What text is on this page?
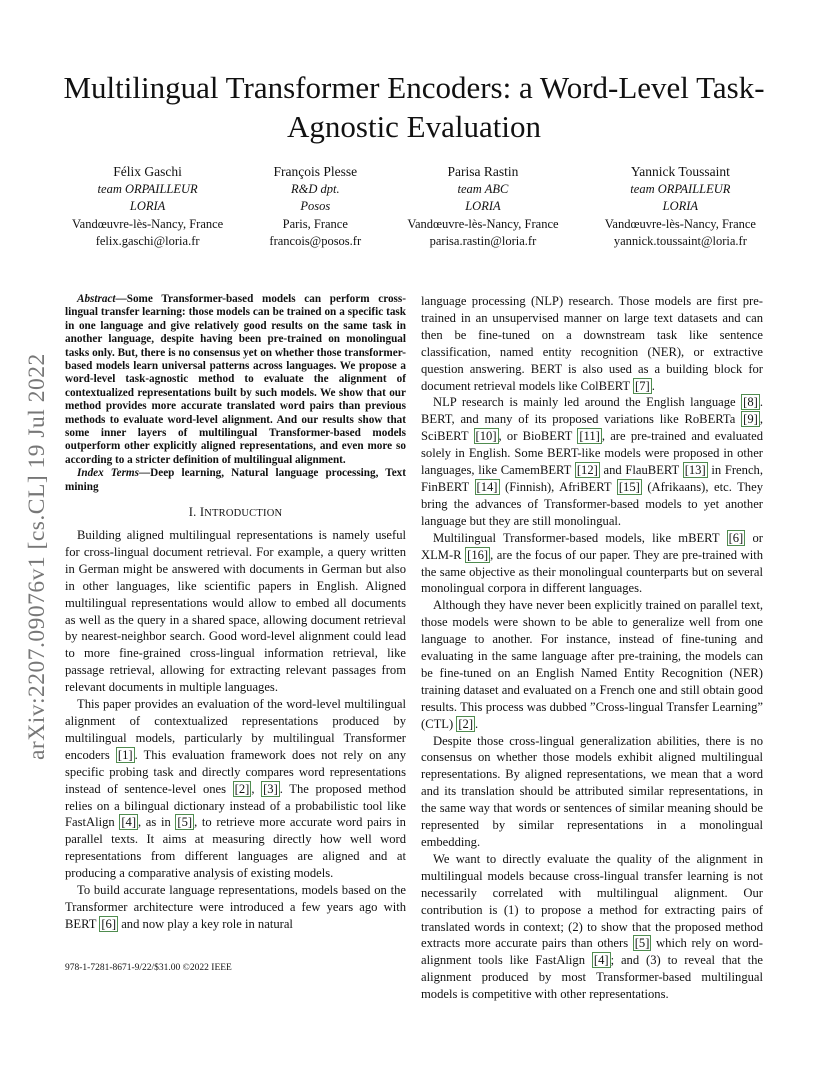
Multilingual Transformer Encoders: a Word-Level Task-Agnostic Evaluation
Félix Gaschi
team ORPAILLEUR
LORIA
Vandœuvre-lès-Nancy, France
felix.gaschi@loria.fr
François Plesse
R&D dpt.
Posos
Paris, France
francois@posos.fr
Parisa Rastin
team ABC
LORIA
Vandœuvre-lès-Nancy, France
parisa.rastin@loria.fr
Yannick Toussaint
team ORPAILLEUR
LORIA
Vandœuvre-lès-Nancy, France
yannick.toussaint@loria.fr
arXiv:2207.09076v1 [cs.CL] 19 Jul 2022

Abstract—Some Transformer-based models can perform cross-lingual transfer learning: those models can be trained on a specific task in one language and give relatively good results on the same task in another language, despite having been pre-trained on monolingual tasks only. But, there is no consensus yet on whether those transformer-based models learn universal patterns across languages. We propose a word-level task-agnostic method to evaluate the alignment of contextualized representations built by such models. We show that our method provides more accurate translated word pairs than previous methods to evaluate word-level alignment. And our results show that some inner layers of multilingual Transformer-based models outperform other explicitly aligned representations, and even more so according to a stricter definition of multilingual alignment.

Index Terms—Deep learning, Natural language processing, Text mining

I. INTRODUCTION

Building aligned multilingual representations is namely useful for cross-lingual document retrieval. For example, a query written in German might be answered with documents in German but also in other languages, like scientific papers in English. Aligned multilingual representations would allow to embed all documents as well as the query in a shared space, allowing document retrieval by nearest-neighbor search. Good word-level alignment could lead to more fine-grained cross-lingual information retrieval, like passage retrieval, allowing for extracting relevant passages from relevant documents in multiple languages.

This paper provides an evaluation of the word-level multilingual alignment of contextualized representations produced by multilingual models, particularly by multilingual Transformer encoders [1] . This evaluation framework does not rely on any specific probing task and directly compares word representations instead of sentence-level ones [2] , [3] . The proposed method relies on a bilingual dictionary instead of a probabilistic tool like FastAlign [4] , as in [5] , to retrieve more accurate word pairs in parallel texts. It aims at measuring directly how well word representations from different languages are aligned and at producing a comparative analysis of existing models.

To build accurate language representations, models based on the Transformer architecture were introduced a few years ago with BERT [6] and now play a key role in natural

language processing (NLP) research. Those models are first pre-trained in an unsupervised manner on large text datasets and can then be fine-tuned on a downstream task like sentence classification, named entity recognition (NER), or extractive question answering. BERT is also used as a building block for document retrieval models like ColBERT [7] .

NLP research is mainly led around the English language [8] . BERT, and many of its proposed variations like RoBERTa [9] , SciBERT [10] , or BioBERT [11] , are pre-trained and evaluated solely in English. Some BERT-like models were proposed in other languages, like CamemBERT [12] and FlauBERT [13] in French, FinBERT [14] (Finnish), AfriBERT [15] (Afrikaans), etc. They bring the advances of Transformer-based models to yet another language but they are still monolingual.

Multilingual Transformer-based models, like mBERT [6] or XLM-R [16] , are the focus of our paper. They are pre-trained with the same objective as their monolingual counterparts but on several monolingual corpora in different languages.

Although they have never been explicitly trained on parallel text, those models were shown to be able to generalize well from one language to another. For instance, instead of fine-tuning and evaluating in the same language after pre-training, the models can be fine-tuned on an English Named Entity Recognition (NER) training dataset and evaluated on a French one and still obtain good results. This process was dubbed ”Cross-lingual Transfer Learning” (CTL) [2] .

Despite those cross-lingual generalization abilities, there is no consensus on whether those models exhibit aligned multilingual representations. By aligned representations, we mean that a word and its translation should be attributed similar representations, in the same way that words or sentences of similar meaning should be represented by similar representations in a monolingual embedding.

We want to directly evaluate the quality of the alignment in multilingual models because cross-lingual transfer learning is not necessarily correlated with multilingual alignment. Our contribution is (1) to propose a method for extracting pairs of translated words in context; (2) to show that the proposed method extracts more accurate pairs than others [5] which rely on word-alignment tools like FastAlign [4] ; and (3) to reveal that the alignment produced by most Transformer-based multilingual models is competitive with other representations.

978-1-7281-8671-9/22/$31.00 ©2022 IEEE
